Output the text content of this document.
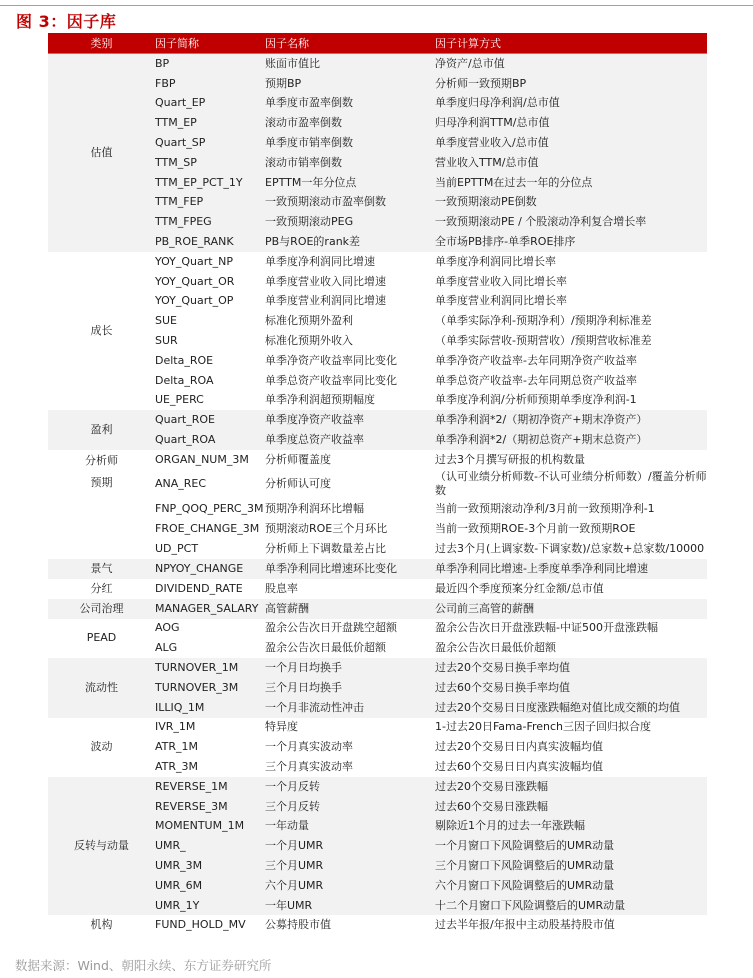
图 3：因子库
类别	因子简称	因子名称	因子计算方式
估值	BP	账面市值比	净资产/总市值
	FBP	预期BP	分析师一致预期BP
	Quart_EP	单季度市盈率倒数	单季度归母净利润/总市值
	TTM_EP	滚动市盈率倒数	归母净利润TTM/总市值
	Quart_SP	单季度市销率倒数	单季度营业收入/总市值
	TTM_SP	滚动市销率倒数	营业收入TTM/总市值
	TTM_EP_PCT_1Y	EPTTM一年分位点	当前EPTTM在过去一年的分位点
	TTM_FEP	一致预期滚动市盈率倒数	一致预期滚动PE倒数
	TTM_FPEG	一致预期滚动PEG	一致预期滚动PE / 个股滚动净利复合增长率
	PB_ROE_RANK	PB与ROE的rank差	全市场PB排序-单季ROE排序
成长	YOY_Quart_NP	单季度净利润同比增速	单季度净利润同比增长率
	YOY_Quart_OR	单季度营业收入同比增速	单季度营业收入同比增长率
	YOY_Quart_OP	单季度营业利润同比增速	单季度营业利润同比增长率
	SUE	标准化预期外盈利	（单季实际净利-预期净利）/预期净利标准差
	SUR	标准化预期外收入	（单季实际营收-预期营收）/预期营收标准差
	Delta_ROE	单季净资产收益率同比变化	单季净资产收益率-去年同期净资产收益率
	Delta_ROA	单季总资产收益率同比变化	单季总资产收益率-去年同期总资产收益率
	UE_PERC	单季净利润超预期幅度	单季度净利润/分析师预期单季度净利润-1
盈利	Quart_ROE	单季度净资产收益率	单季净利润*2/（期初净资产+期末净资产）
	Quart_ROA	单季度总资产收益率	单季净利润*2/（期初总资产+期末总资产）

分析师
预期	ORGAN_NUM_3M	分析师覆盖度	过去3个月撰写研报的机构数量
	ANA_REC	分析师认可度	（认可业绩分析师数-不认可业绩分析师数）/覆盖分析师数
	FNP_QOQ_PERC_3M	预期净利润环比增幅	当前一致预期滚动净利/3月前一致预期净利-1
	FROE_CHANGE_3M	预期滚动ROE三个月环比	当前一致预期ROE-3个月前一致预期ROE
	UD_PCT	分析师上下调数量差占比	过去3个月(上调家数-下调家数)/总家数+总家数/10000
景气	NPYOY_CHANGE	单季净利同比增速环比变化	单季净利同比增速-上季度单季净利同比增速
分红	DIVIDEND_RATE	股息率	最近四个季度预案分红金额/总市值
公司治理	MANAGER_SALARY	高管薪酬	公司前三高管的薪酬
PEAD	AOG	盈余公告次日开盘跳空超额	盈余公告次日开盘涨跌幅-中证500开盘涨跌幅
	ALG	盈余公告次日最低价超额	盈余公告次日最低价超额
流动性	TURNOVER_1M	一个月日均换手	过去20个交易日换手率均值
	TURNOVER_3M	三个月日均换手	过去60个交易日换手率均值
	ILLIQ_1M	一个月非流动性冲击	过去20个交易日日度涨跌幅绝对值比成交额的均值
波动	IVR_1M	特异度	1-过去20日Fama-French三因子回归拟合度
	ATR_1M	一个月真实波动率	过去20个交易日日内真实波幅均值
	ATR_3M	三个月真实波动率	过去60个交易日日内真实波幅均值
反转与动量	REVERSE_1M	一个月反转	过去20个交易日涨跌幅
	REVERSE_3M	三个月反转	过去60个交易日涨跌幅
	MOMENTUM_1M	一年动量	剔除近1个月的过去一年涨跌幅
	UMR_	一个月UMR	一个月窗口下风险调整后的UMR动量
	UMR_3M	三个月UMR	三个月窗口下风险调整后的UMR动量
	UMR_6M	六个月UMR	六个月窗口下风险调整后的UMR动量
	UMR_1Y	一年UMR	十二个月窗口下风险调整后的UMR动量
机构	FUND_HOLD_MV	公募持股市值	过去半年报/年报中主动股基持股市值
数据来源：Wind、朝阳永续、东方证券研究所
